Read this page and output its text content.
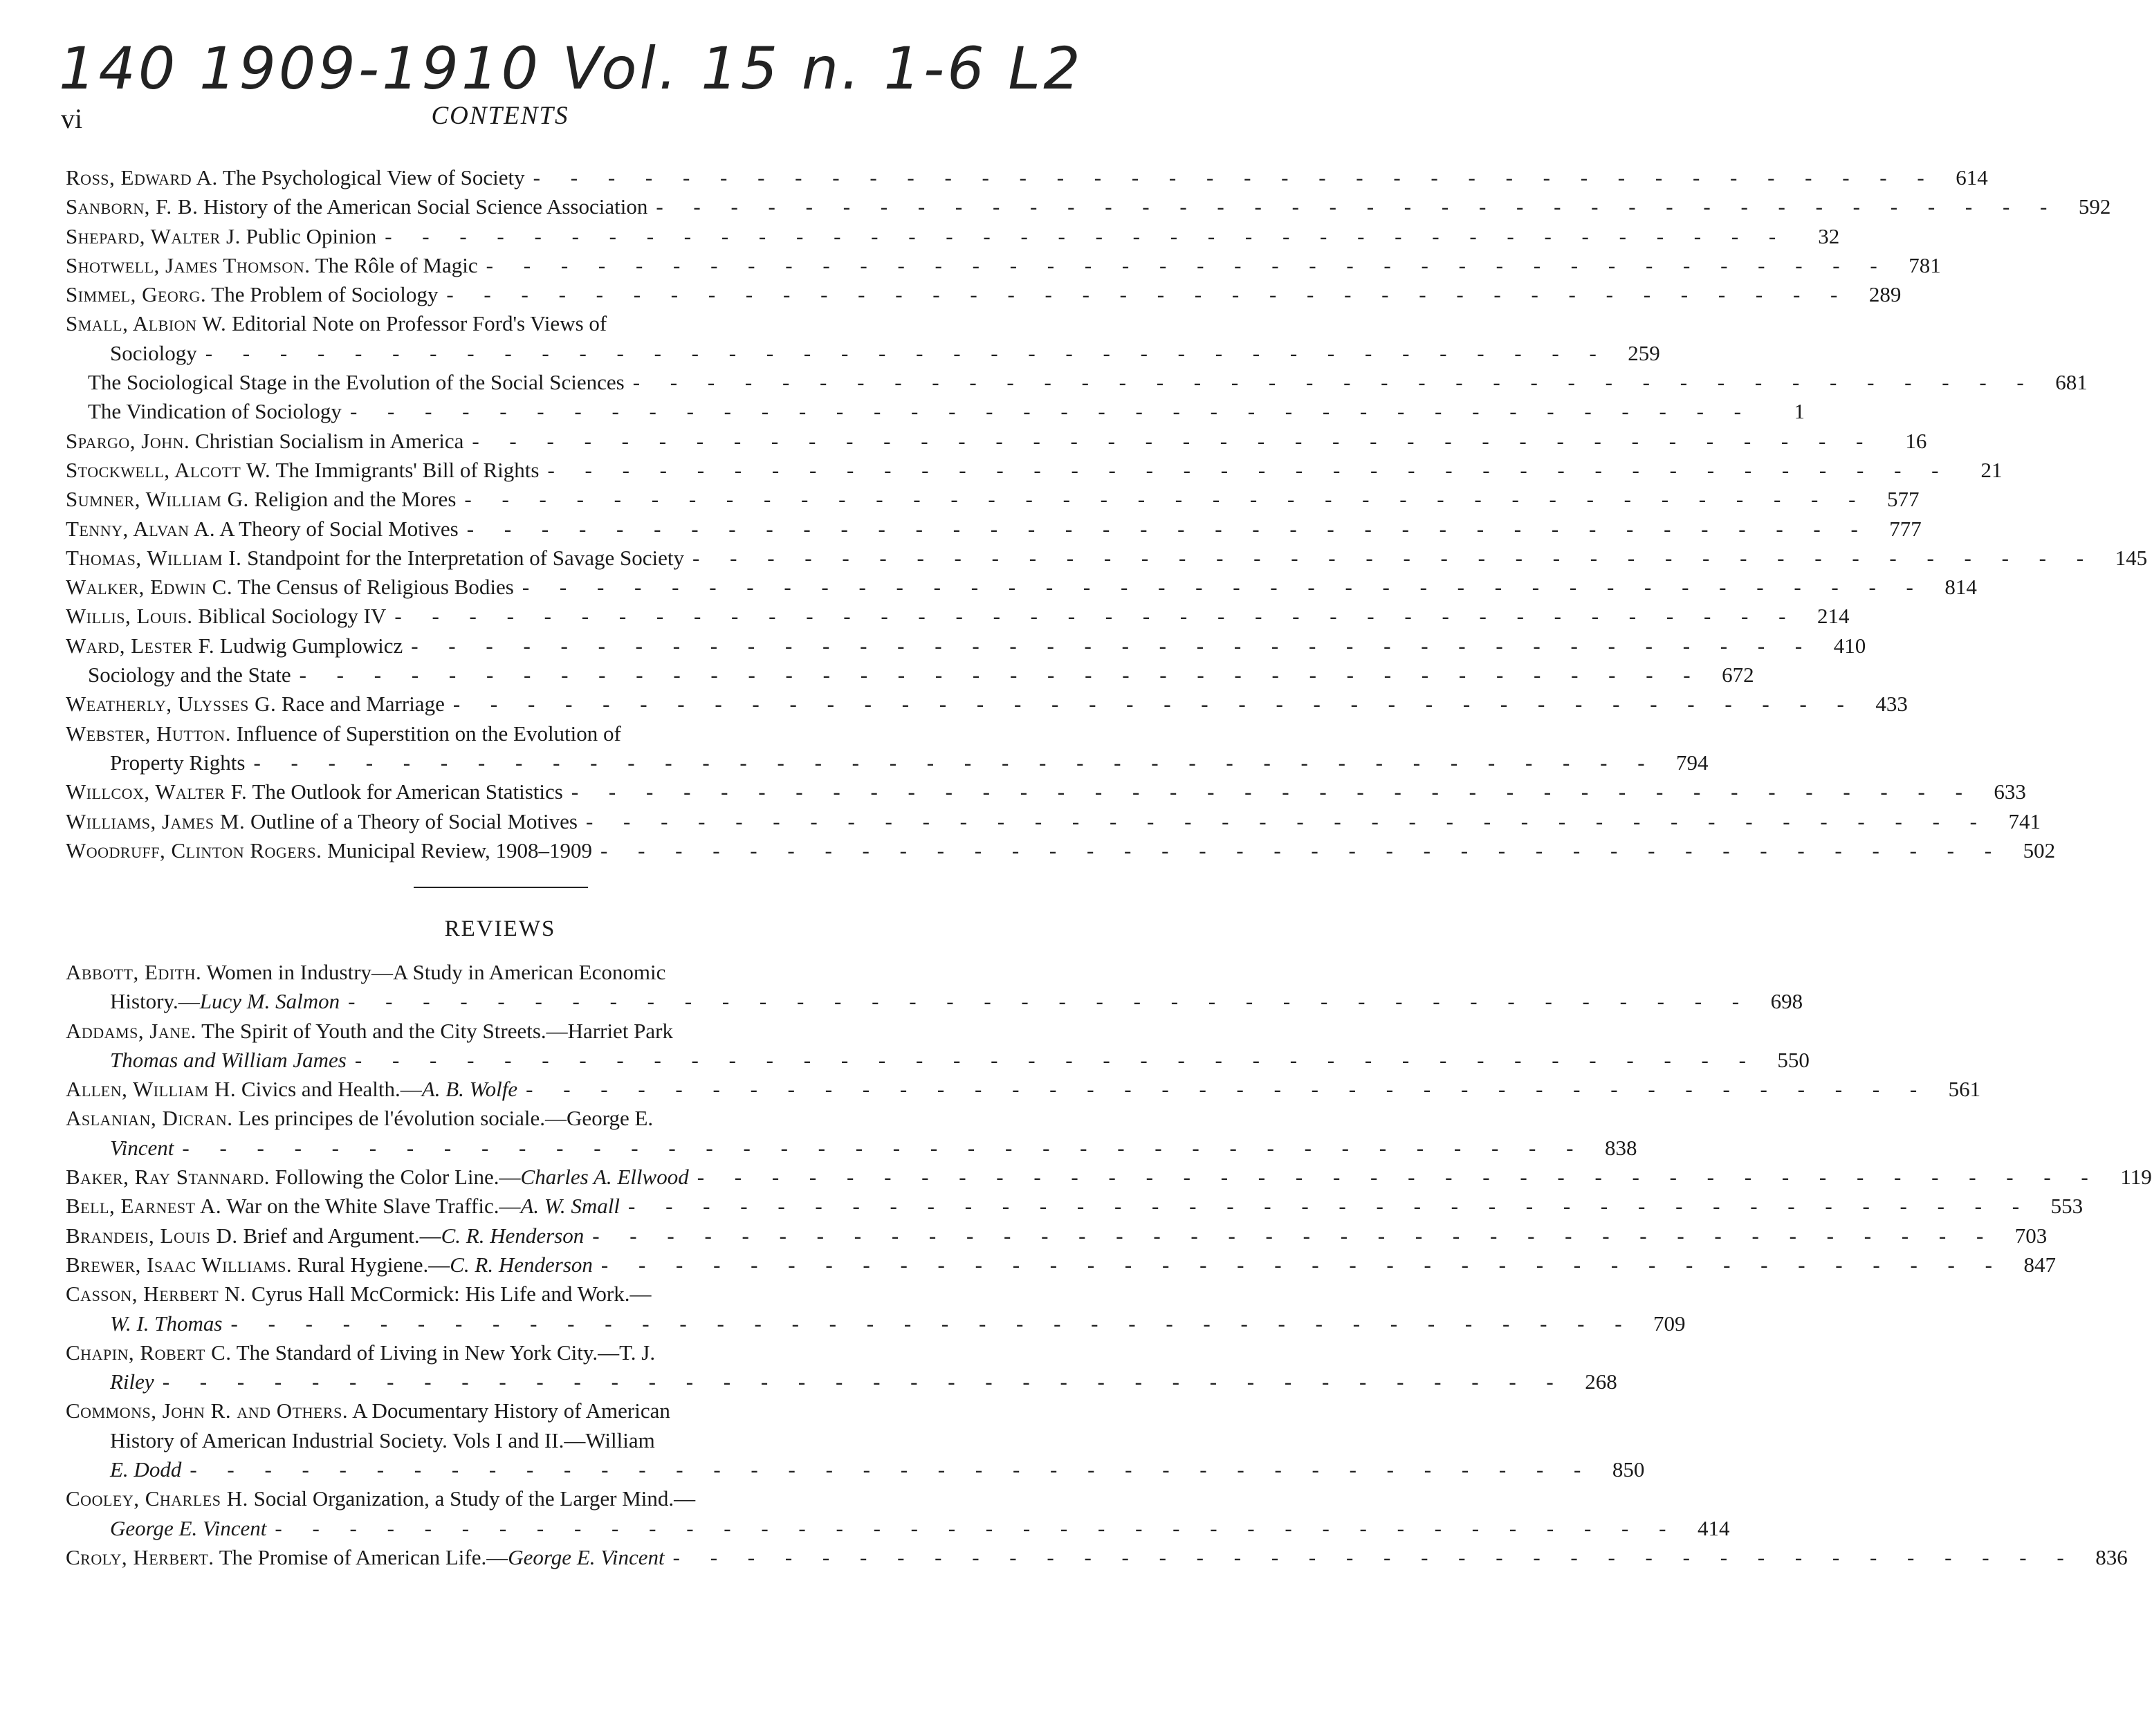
140 1909-1910 Vol. 15 n. 1-6 L2
vi	CONTENTS
Ross, Edward A. The Psychological View of Society - - -	614
Sanborn, F. B. History of the American Social Science Association - - -	592
Shepard, Walter J. Public Opinion - - -	32
Shotwell, James Thomson. The Rôle of Magic - - -	781
Simmel, Georg. The Problem of Sociology - - -	289
Small, Albion W. Editorial Note on Professor Ford's Views of
Sociology - - -	259
The Sociological Stage in the Evolution of the Social Sciences - - -	681
The Vindication of Sociology - - -	1
Spargo, John. Christian Socialism in America - - -	16
Stockwell, Alcott W. The Immigrants' Bill of Rights - - -	21
Sumner, William G. Religion and the Mores - - -	577
Tenny, Alvan A. A Theory of Social Motives - - -	777
Thomas, William I. Standpoint for the Interpretation of Savage Society - - -	145
Walker, Edwin C. The Census of Religious Bodies - - -	814
Willis, Louis. Biblical Sociology IV - - -	214
Ward, Lester F. Ludwig Gumplowicz - - -	410
Sociology and the State - - -	672
Weatherly, Ulysses G. Race and Marriage - - -	433
Webster, Hutton. Influence of Superstition on the Evolution of
Property Rights - - -	794
Willcox, Walter F. The Outlook for American Statistics - - -	633
Williams, James M. Outline of a Theory of Social Motives - - -	741
Woodruff, Clinton Rogers. Municipal Review, 1908–1909 - - -	502
REVIEWS
Abbott, Edith. Women in Industry—A Study in American Economic
History.—Lucy M. Salmon - - -	698
Addams, Jane. The Spirit of Youth and the City Streets.—Harriet Park
Thomas and William James - - -	550
Allen, William H. Civics and Health.—A. B. Wolfe - - -	561
Aslanian, Dicran. Les principes de l'évolution sociale.—George E.
Vincent - - -	838
Baker, Ray Stannard. Following the Color Line.—Charles A. Ellwood - - -	119
Bell, Earnest A. War on the White Slave Traffic.—A. W. Small - - -	553
Brandeis, Louis D. Brief and Argument.—C. R. Henderson - - -	703
Brewer, Isaac Williams. Rural Hygiene.—C. R. Henderson - - -	847
Casson, Herbert N. Cyrus Hall McCormick: His Life and Work.—
W. I. Thomas - - -	709
Chapin, Robert C. The Standard of Living in New York City.—T. J.
Riley - - -	268
Commons, John R. and Others. A Documentary History of American
History of American Industrial Society. Vols I and II.—William
E. Dodd - - -	850
Cooley, Charles H. Social Organization, a Study of the Larger Mind.—
George E. Vincent - - -	414
Croly, Herbert. The Promise of American Life.—George E. Vincent - - -	836
